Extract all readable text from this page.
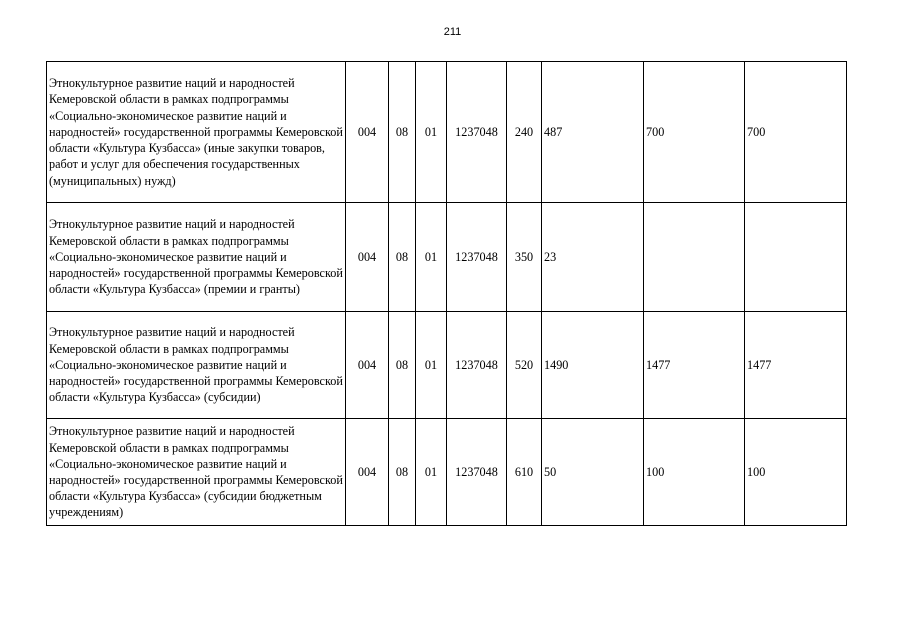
211
Этнокультурное развитие наций и народностей Кемеровской области в рамках подпрограммы «Социально-экономическое развитие наций и народностей» государственной программы Кемеровской области «Культура Кузбасса» (иные закупки товаров, работ и услуг для обеспечения государственных (муниципальных) нужд)	004	08	01	1237048	240	487	700	700
Этнокультурное развитие наций и народностей Кемеровской области в рамках подпрограммы «Социально-экономическое развитие наций и народностей» государственной программы Кемеровской области «Культура Кузбасса» (премии и гранты)	004	08	01	1237048	350	23		
Этнокультурное развитие наций и народностей Кемеровской области в рамках подпрограммы «Социально-экономическое развитие наций и народностей» государственной программы Кемеровской области «Культура Кузбасса» (субсидии)	004	08	01	1237048	520	1490	1477	1477
Этнокультурное развитие наций и народностей Кемеровской области в рамках подпрограммы «Социально-экономическое развитие наций и народностей» государственной программы Кемеровской области «Культура Кузбасса» (субсидии бюджетным учреждениям)	004	08	01	1237048	610	50	100	100
